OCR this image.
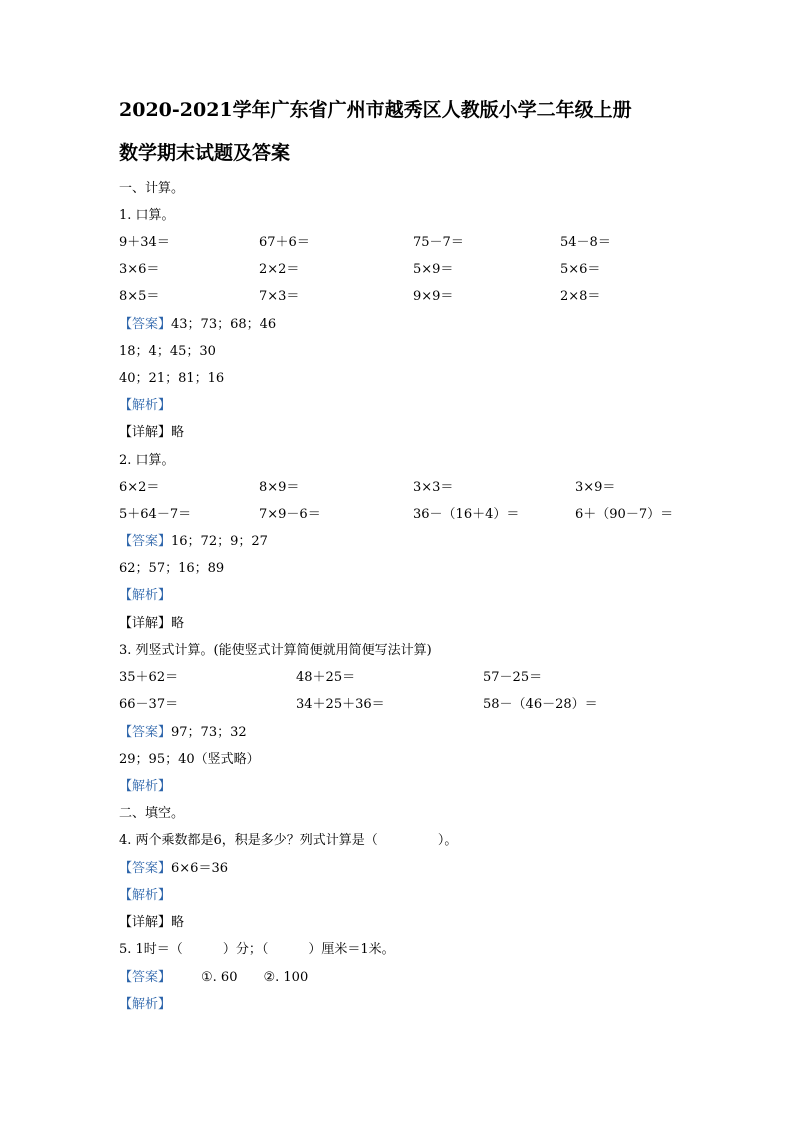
2020-2021学年广东省广州市越秀区人教版小学二年级上册
数学期末试题及答案
一、计算。
1. 口算。
9＋34＝	67＋6＝	75－7＝	54－8＝
3×6＝	2×2＝	5×9＝	5×6＝
8×5＝	7×3＝	9×9＝	2×8＝
【答案】43；73；68；46
18；4；45；30
40；21；81；16
【解析】
【详解】略
2. 口算。
6×2＝	8×9＝	3×3＝	3×9＝
5＋64－7＝	7×9－6＝	36－（16＋4）＝	6＋（90－7）＝
【答案】16；72；9；27
62；57；16；89
【解析】
【详解】略
3. 列竖式计算。(能使竖式计算简便就用简便写法计算)
35＋62＝	48＋25＝	57－25＝
66－37＝	34＋25＋36＝	58－（46－28）＝
【答案】97；73；32
29；95；40（竖式略）
【解析】
二、填空。
4. 两个乘数都是6，积是多少？列式计算是（	）。
【答案】6×6＝36
【解析】
【详解】略
5. 1时＝（	）分；（	）厘米＝1米。
【答案】 ①. 60 ②. 100
【解析】
